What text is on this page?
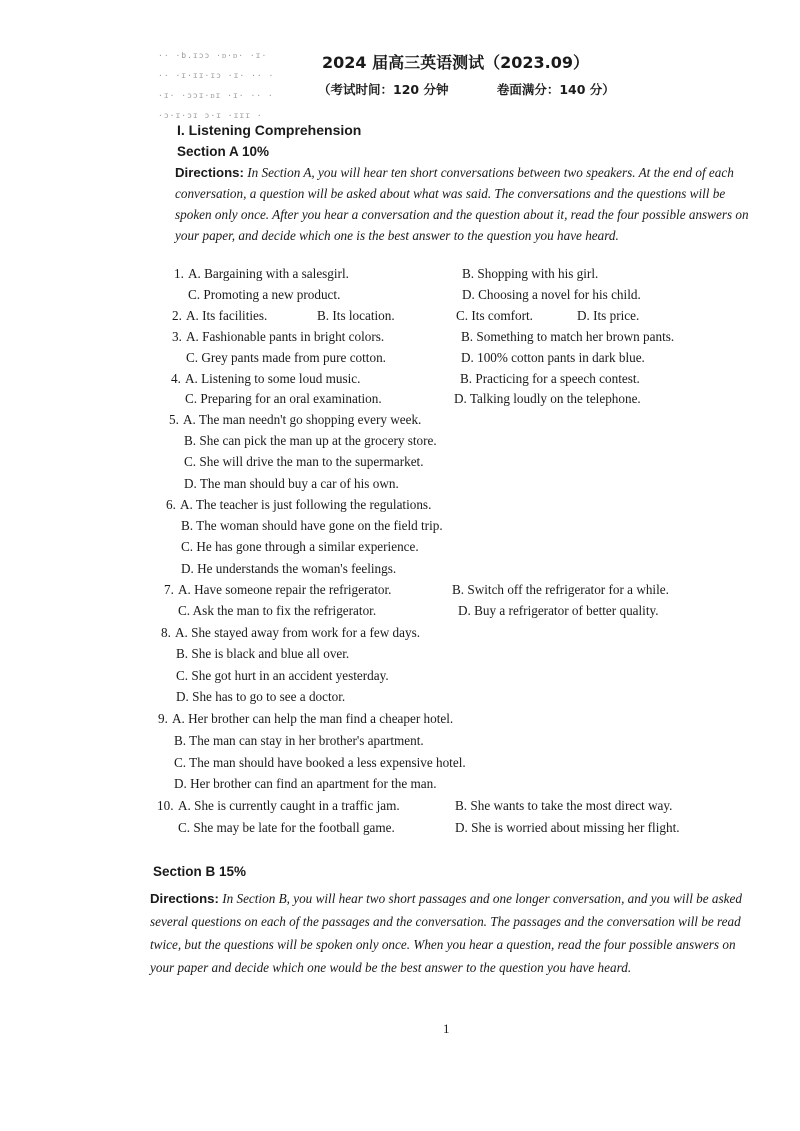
·· ·b.ɪɔɔ ·ᴅ·ᴅ· ·ɪ·
·· ·ɪ·ɪɪ·ɪɔ ·ɪ· ·· ·
·ɪ· ·ɔɔɪ·ᴅɪ ·ɪ· ·· ·
·ɔ·ɪ·ɔɪ ɔ·ɪ ·ɪɪɪ ·
2024 届高三英语测试（2023.09）
（考试时间：120 分钟	卷面满分：140 分）
I. Listening Comprehension
Section A 10%
Directions: In Section A, you will hear ten short conversations between two speakers. At the end of each conversation, a question will be asked about what was said. The conversations and the questions will be spoken only once. After you hear a conversation and the question about it, read the four possible answers on your paper, and decide which one is the best answer to the question you have heard.
1. A. Bargaining with a salesgirl.	B. Shopping with his girl.
C. Promoting a new product.	D. Choosing a novel for his child.
2. A. Its facilities.	B. Its location.	C. Its comfort.	D. Its price.
3. A. Fashionable pants in bright colors.	B. Something to match her brown pants.
C. Grey pants made from pure cotton.	D. 100% cotton pants in dark blue.
4. A. Listening to some loud music.	B. Practicing for a speech contest.
C. Preparing for an oral examination.	D. Talking loudly on the telephone.
5. A. The man needn't go shopping every week.
B. She can pick the man up at the grocery store.
C. She will drive the man to the supermarket.
D. The man should buy a car of his own.
6. A. The teacher is just following the regulations.
B. The woman should have gone on the field trip.
C. He has gone through a similar experience.
D. He understands the woman's feelings.
7. A. Have someone repair the refrigerator.	B. Switch off the refrigerator for a while.
C. Ask the man to fix the refrigerator.	D. Buy a refrigerator of better quality.
8. A. She stayed away from work for a few days.
B. She is black and blue all over.
C. She got hurt in an accident yesterday.
D. She has to go to see a doctor.
9. A. Her brother can help the man find a cheaper hotel.
B. The man can stay in her brother's apartment.
C. The man should have booked a less expensive hotel.
D. Her brother can find an apartment for the man.
10. A. She is currently caught in a traffic jam.	B. She wants to take the most direct way.
C. She may be late for the football game.	D. She is worried about missing her flight.
Section B 15%
Directions: In Section B, you will hear two short passages and one longer conversation, and you will be asked several questions on each of the passages and the conversation. The passages and the conversation will be read twice, but the questions will be spoken only once. When you hear a question, read the four possible answers on your paper and decide which one would be the best answer to the question you have heard.
1
